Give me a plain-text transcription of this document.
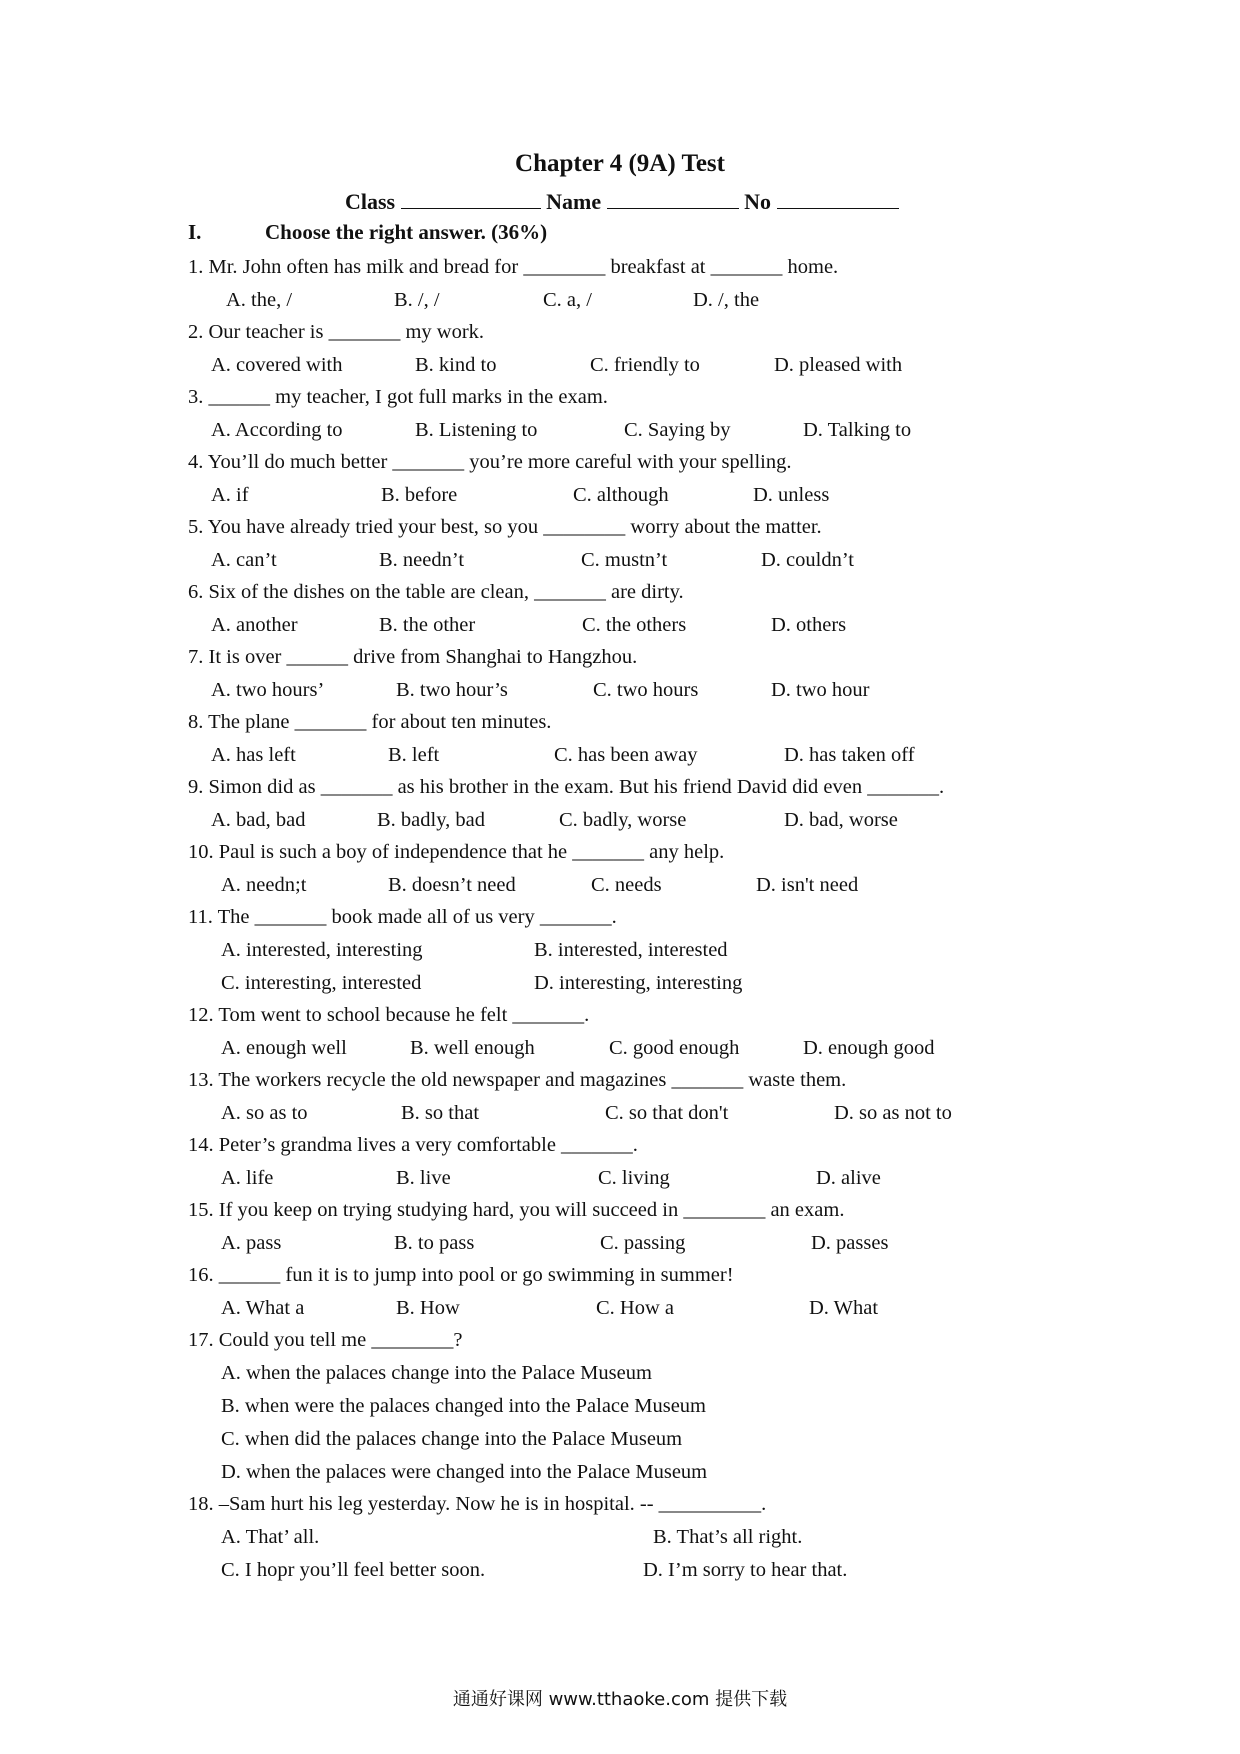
Chapter 4 (9A) Test
Class	Name	No
I.	Choose the right answer. (36%)
1. Mr. John often has milk and bread for ________ breakfast at _______ home.
A. the, /	B. /, /	C. a, /	D. /, the
2. Our teacher is _______ my work.
A. covered with	B. kind to	C. friendly to	D. pleased with
3. ______ my teacher, I got full marks in the exam.
A. According to	B. Listening to	C. Saying by	D. Talking to
4. You’ll do much better _______ you’re more careful with your spelling.
A. if	B. before	C. although	D. unless
5. You have already tried your best, so you ________ worry about the matter.
A. can’t	B. needn’t	C. mustn’t	D. couldn’t
6. Six of the dishes on the table are clean, _______ are dirty.
A. another	B. the other	C. the others	D. others
7. It is over ______ drive from Shanghai to Hangzhou.
A. two hours’	B. two hour’s	C. two hours	D. two hour
8. The plane _______ for about ten minutes.
A. has left	B. left	C. has been away	D. has taken off
9. Simon did as _______ as his brother in the exam. But his friend David did even _______.
A. bad, bad	B. badly, bad	C. badly, worse	D. bad, worse
10. Paul is such a boy of independence that he _______ any help.
A. needn;t	B. doesn’t need	C. needs	D. isn't need
11. The _______ book made all of us very _______.
A. interested, interesting	B. interested, interested
C. interesting, interested	D. interesting, interesting
12. Tom went to school because he felt _______.
A. enough well	B. well enough	C. good enough	D. enough good
13. The workers recycle the old newspaper and magazines _______ waste them.
A. so as to	B. so that	C. so that don't	D. so as not to
14. Peter’s grandma lives a very comfortable _______.
A. life	B. live	C. living	D. alive
15. If you keep on trying studying hard, you will succeed in ________ an exam.
A. pass	B. to pass	C. passing	D. passes
16. ______ fun it is to jump into pool or go swimming in summer!
A. What a	B. How	C. How a	D. What
17. Could you tell me ________?
A. when the palaces change into the Palace Museum
B. when were the palaces changed into the Palace Museum
C. when did the palaces change into the Palace Museum
D. when the palaces were changed into the Palace Museum
18. –Sam hurt his leg yesterday. Now he is in hospital. -- __________.
A. That’ all.	B. That’s all right.
C. I hopr you’ll feel better soon.	D. I’m sorry to hear that.
通通好课网 www.tthaoke.com 提供下载
